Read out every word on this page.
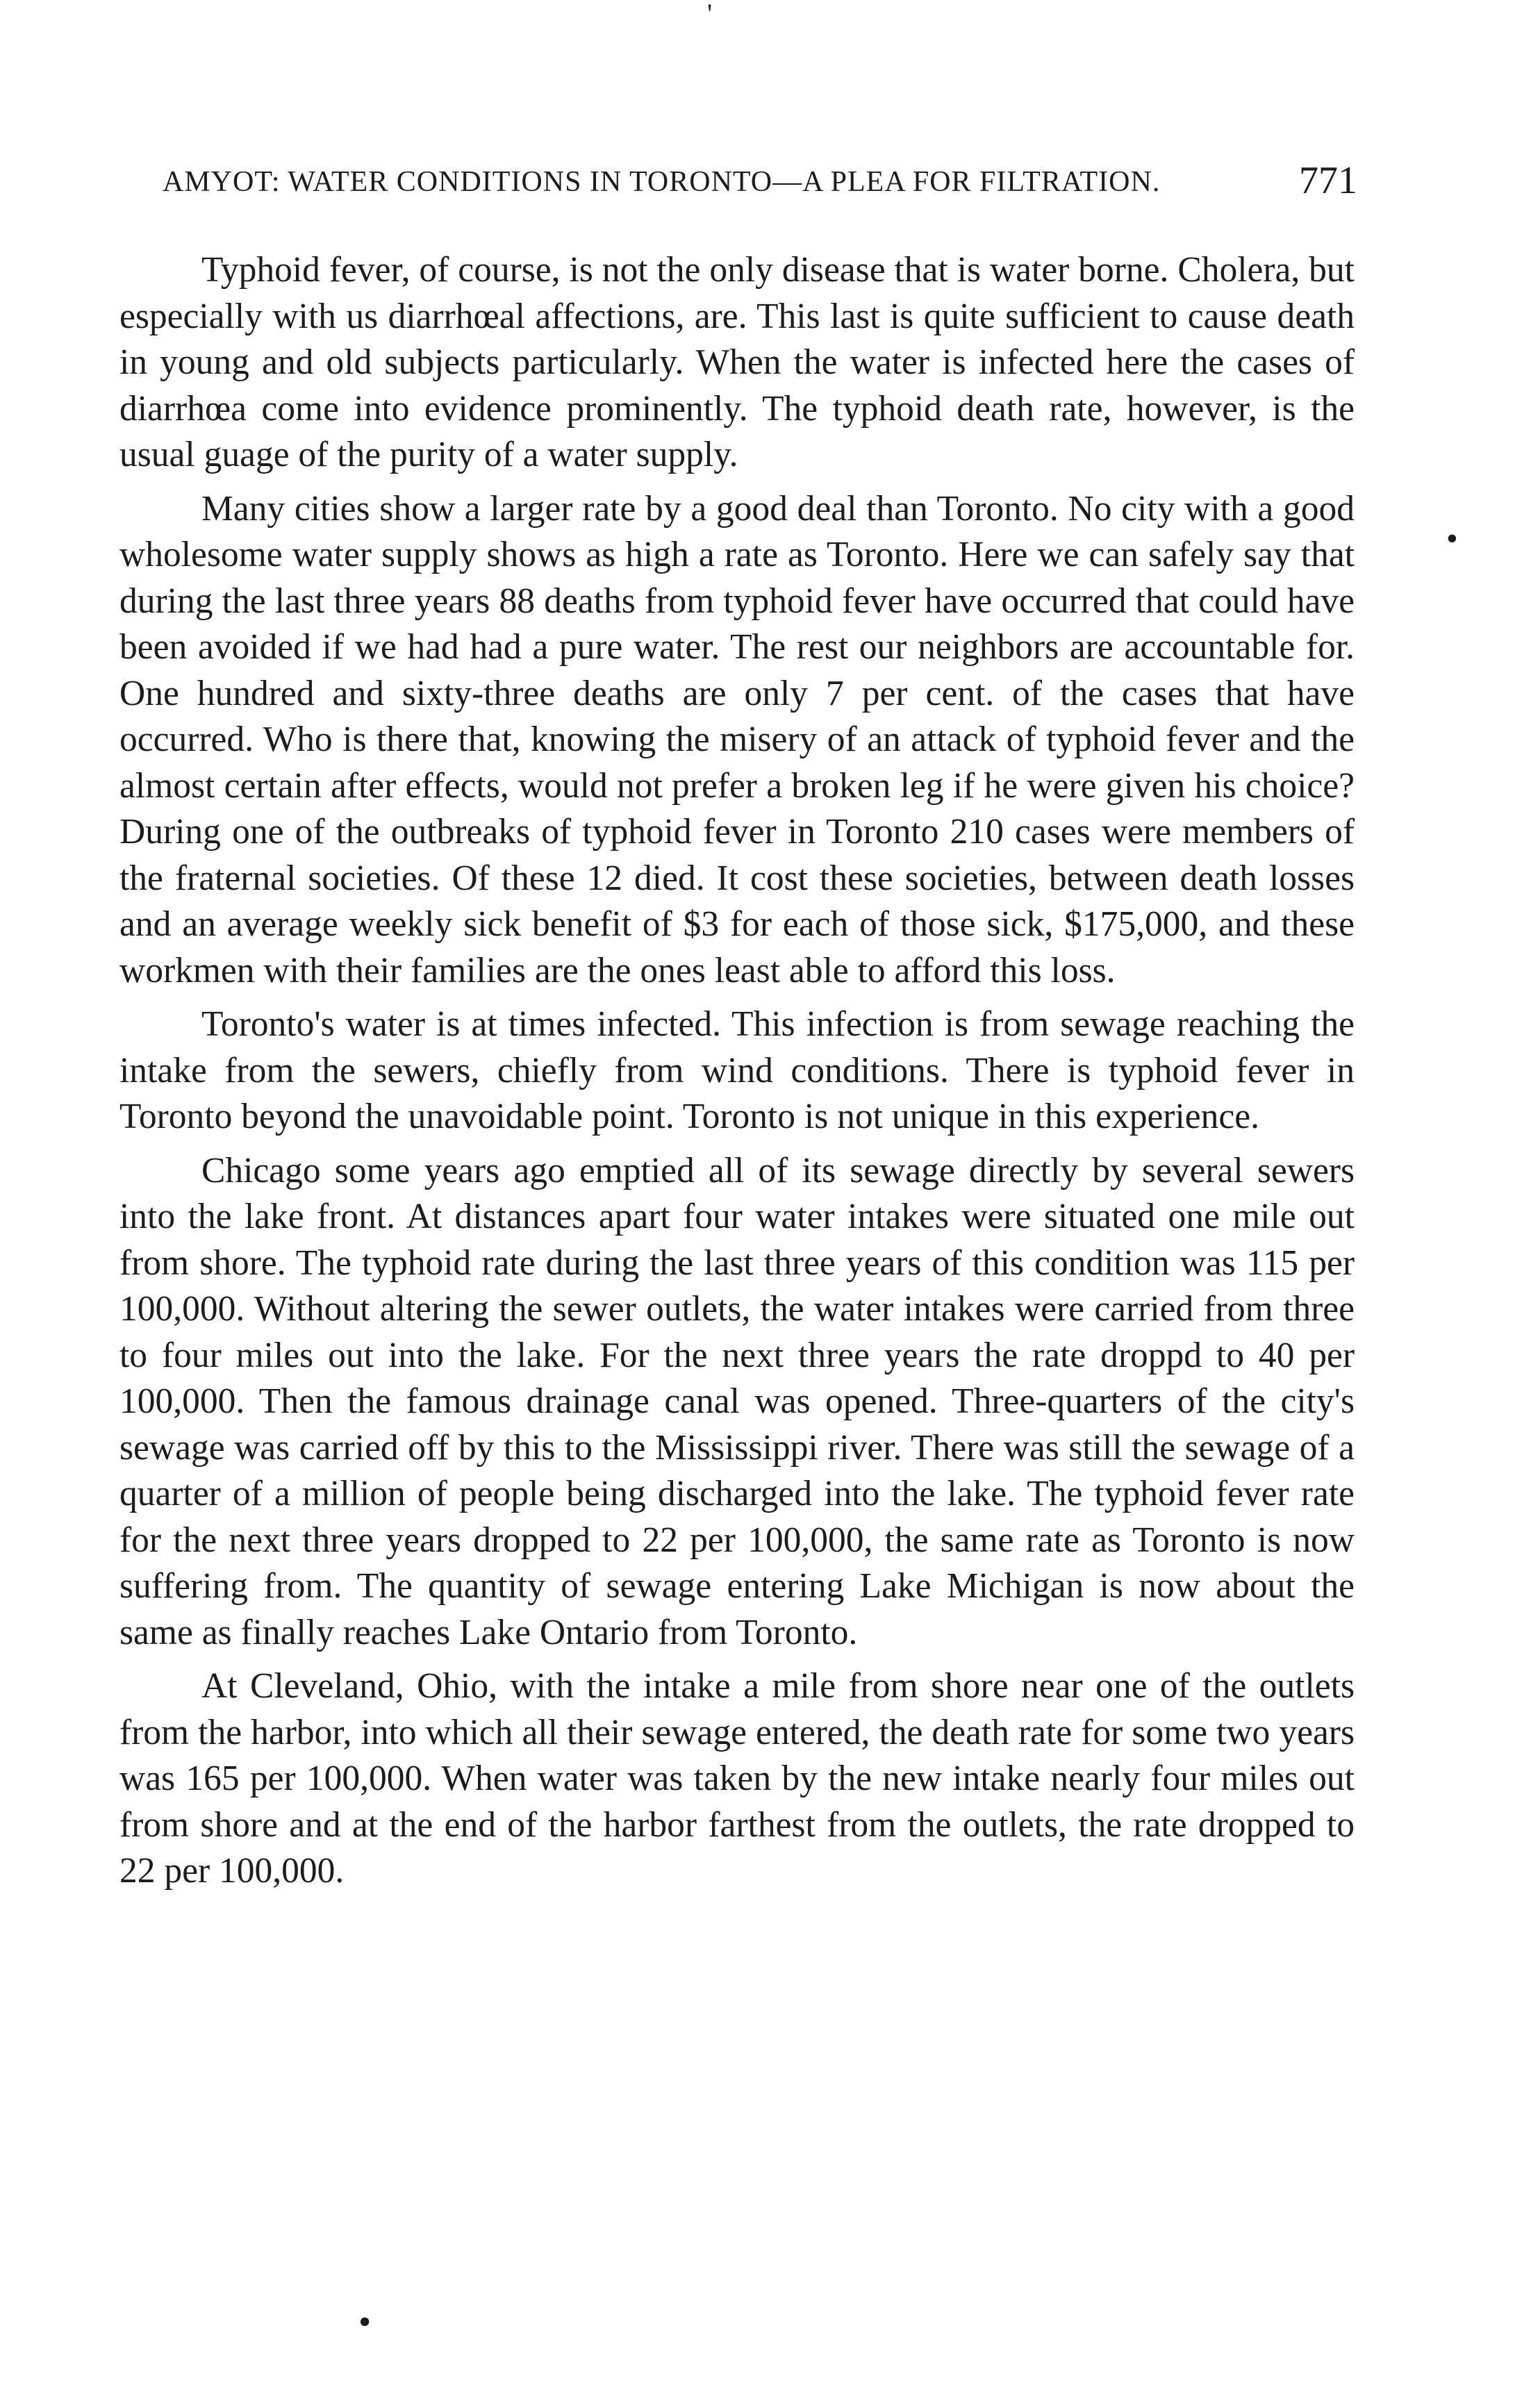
'
AMYOT: WATER CONDITIONS IN TORONTO—A PLEA FOR FILTRATION.	771
•

Typhoid fever, of course, is not the only disease that is water borne. Cholera, but especially with us diarrhœal affections, are. This last is quite sufficient to cause death in young and old subjects particularly. When the water is infected here the cases of diarrhœa come into evidence prominently. The typhoid death rate, however, is the usual guage of the purity of a water supply.

Many cities show a larger rate by a good deal than Toronto. No city with a good wholesome water supply shows as high a rate as Toronto. Here we can safely say that during the last three years 88 deaths from typhoid fever have occurred that could have been avoided if we had had a pure water. The rest our neighbors are accountable for. One hundred and sixty-three deaths are only 7 per cent. of the cases that have occurred. Who is there that, knowing the misery of an attack of typhoid fever and the almost certain after effects, would not prefer a broken leg if he were given his choice? During one of the outbreaks of typhoid fever in Toronto 210 cases were members of the fraternal societies. Of these 12 died. It cost these societies, between death losses and an average weekly sick benefit of $3 for each of those sick, $175,000, and these workmen with their families are the ones least able to afford this loss.

Toronto's water is at times infected. This infection is from sewage reaching the intake from the sewers, chiefly from wind conditions. There is typhoid fever in Toronto beyond the unavoidable point. Toronto is not unique in this experience.

Chicago some years ago emptied all of its sewage directly by several sewers into the lake front. At distances apart four water intakes were situated one mile out from shore. The typhoid rate during the last three years of this condition was 115 per 100,000. Without altering the sewer outlets, the water intakes were carried from three to four miles out into the lake. For the next three years the rate droppd to 40 per 100,000. Then the famous drainage canal was opened. Three-quarters of the city's sewage was carried off by this to the Mississippi river. There was still the sewage of a quarter of a million of people being discharged into the lake. The typhoid fever rate for the next three years dropped to 22 per 100,000, the same rate as Toronto is now suffering from. The quantity of sewage entering Lake Michigan is now about the same as finally reaches Lake Ontario from Toronto.

At Cleveland, Ohio, with the intake a mile from shore near one of the outlets from the harbor, into which all their sewage entered, the death rate for some two years was 165 per 100,000. When water was taken by the new intake nearly four miles out from shore and at the end of the harbor farthest from the outlets, the rate dropped to 22 per 100,000.

•
